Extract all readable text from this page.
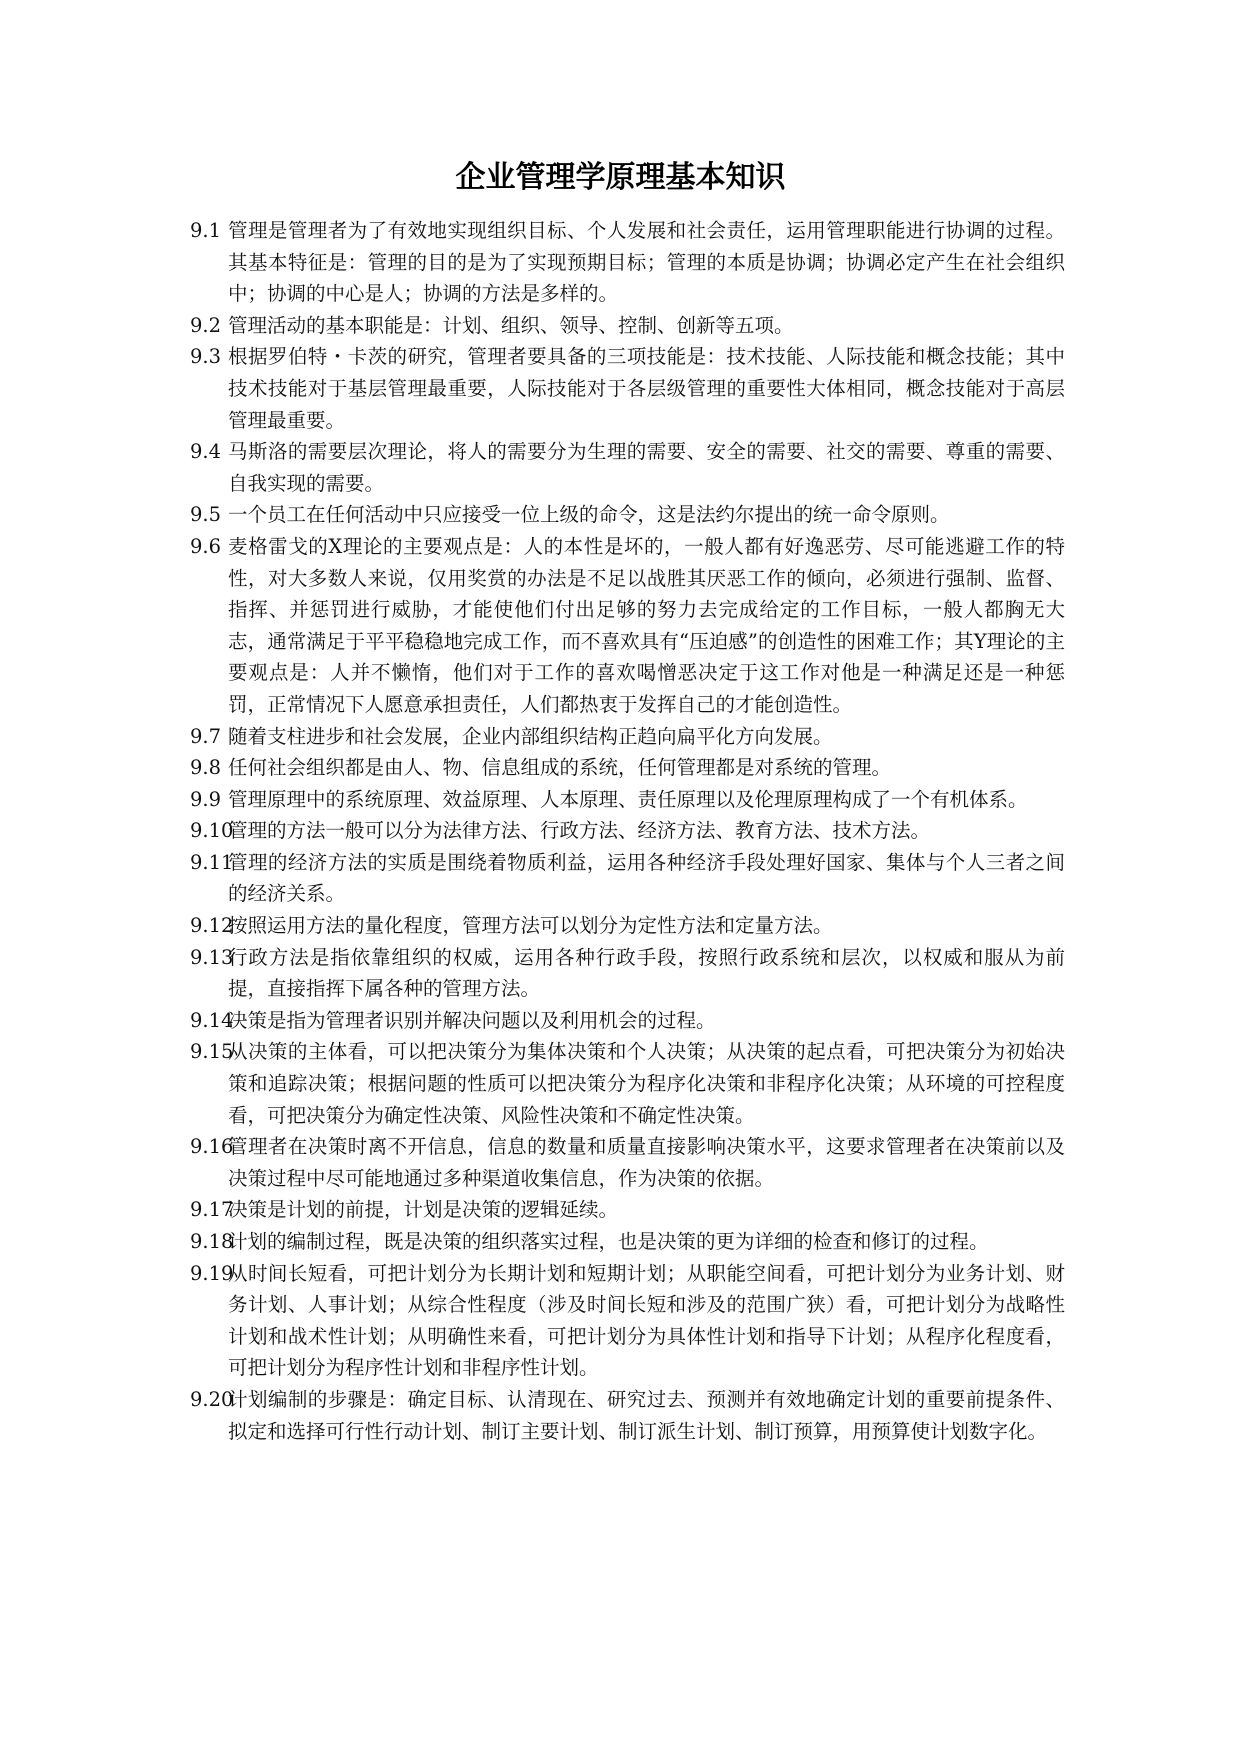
企业管理学原理基本知识
9.1 管理是管理者为了有效地实现组织目标、个人发展和社会责任，运用管理职能进行协调的过程。其基本特征是：管理的目的是为了实现预期目标；管理的本质是协调；协调必定产生在社会组织中；协调的中心是人；协调的方法是多样的。
9.2 管理活动的基本职能是：计划、组织、领导、控制、创新等五项。
9.3 根据罗伯特・卡茨的研究，管理者要具备的三项技能是：技术技能、人际技能和概念技能；其中技术技能对于基层管理最重要，人际技能对于各层级管理的重要性大体相同，概念技能对于高层管理最重要。
9.4 马斯洛的需要层次理论，将人的需要分为生理的需要、安全的需要、社交的需要、尊重的需要、自我实现的需要。
9.5 一个员工在任何活动中只应接受一位上级的命令，这是法约尔提出的统一命令原则。
9.6 麦格雷戈的X理论的主要观点是：人的本性是坏的，一般人都有好逸恶劳、尽可能逃避工作的特性，对大多数人来说，仅用奖赏的办法是不足以战胜其厌恶工作的倾向，必须进行强制、监督、指挥、并惩罚进行威胁，才能使他们付出足够的努力去完成给定的工作目标，一般人都胸无大志，通常满足于平平稳稳地完成工作，而不喜欢具有“压迫感”的创造性的困难工作；其Y理论的主要观点是：人并不懒惰，他们对于工作的喜欢喝憎恶决定于这工作对他是一种满足还是一种惩罚，正常情况下人愿意承担责任，人们都热衷于发挥自己的才能创造性。
9.7 随着支柱进步和社会发展，企业内部组织结构正趋向扁平化方向发展。
9.8 任何社会组织都是由人、物、信息组成的系统，任何管理都是对系统的管理。
9.9 管理原理中的系统原理、效益原理、人本原理、责任原理以及伦理原理构成了一个有机体系。
9.10
管理的方法一般可以分为法律方法、行政方法、经济方法、教育方法、技术方法。
9.11
管理的经济方法的实质是围绕着物质利益，运用各种经济手段处理好国家、集体与个人三者之间的经济关系。
9.12
按照运用方法的量化程度，管理方法可以划分为定性方法和定量方法。
9.13
行政方法是指依靠组织的权威，运用各种行政手段，按照行政系统和层次，以权威和服从为前提，直接指挥下属各种的管理方法。
9.14
决策是指为管理者识别并解决问题以及利用机会的过程。
9.15
从决策的主体看，可以把决策分为集体决策和个人决策；从决策的起点看，可把决策分为初始决策和追踪决策；根据问题的性质可以把决策分为程序化决策和非程序化决策；从环境的可控程度看，可把决策分为确定性决策、风险性决策和不确定性决策。
9.16
管理者在决策时离不开信息，信息的数量和质量直接影响决策水平，这要求管理者在决策前以及决策过程中尽可能地通过多种渠道收集信息，作为决策的依据。
9.17
决策是计划的前提，计划是决策的逻辑延续。
9.18
计划的编制过程，既是决策的组织落实过程，也是决策的更为详细的检查和修订的过程。
9.19
从时间长短看，可把计划分为长期计划和短期计划；从职能空间看，可把计划分为业务计划、财务计划、人事计划；从综合性程度（涉及时间长短和涉及的范围广狭）看，可把计划分为战略性计划和战术性计划；从明确性来看，可把计划分为具体性计划和指导下计划；从程序化程度看，可把计划分为程序性计划和非程序性计划。
9.20
计划编制的步骤是：确定目标、认清现在、研究过去、预测并有效地确定计划的重要前提条件、拟定和选择可行性行动计划、制订主要计划、制订派生计划、制订预算，用预算使计划数字化。
